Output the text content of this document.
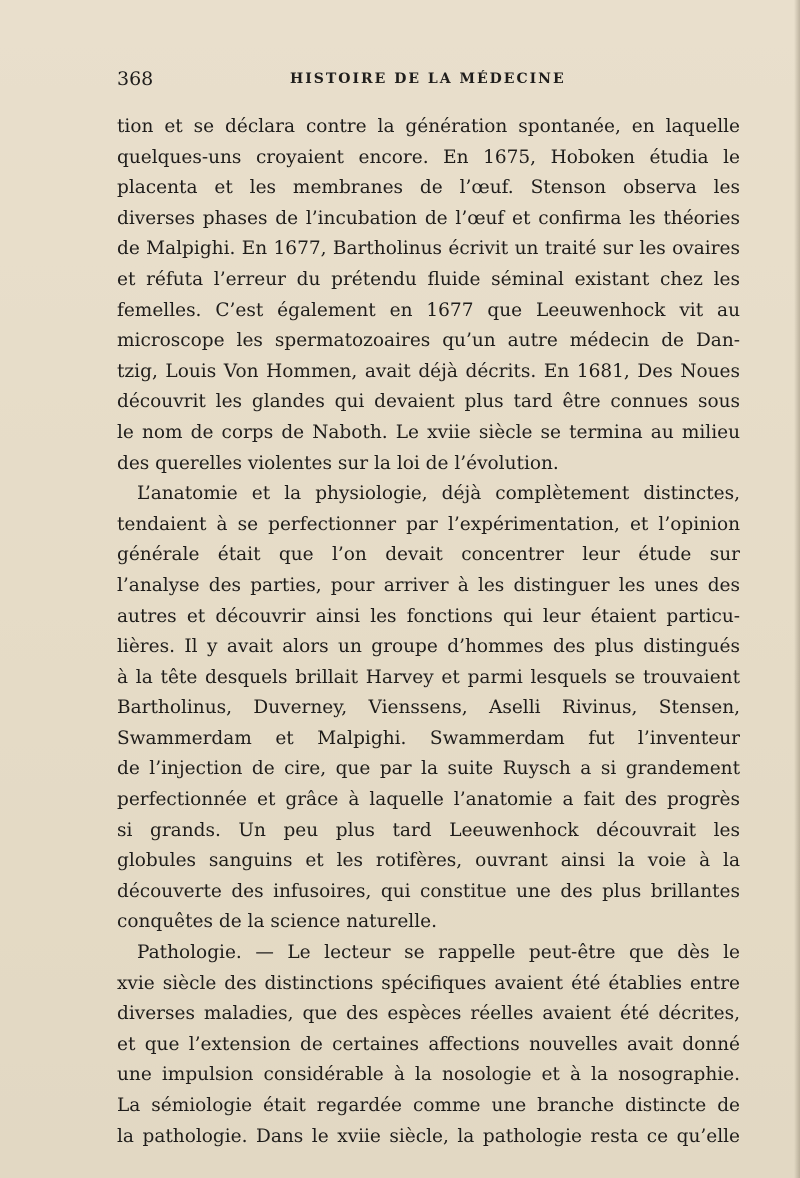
368	HISTOIRE DE LA MÉDECINE
tion et se déclara contre la génération spontanée, en laquelle
quelques-uns croyaient encore. En 1675, Hoboken étudia le
placenta et les membranes de l’œuf. Stenson observa les
diverses phases de l’incubation de l’œuf et confirma les théories
de Malpighi. En 1677, Bartholinus écrivit un traité sur les ovaires
et réfuta l’erreur du prétendu fluide séminal existant chez les
femelles. C’est également en 1677 que Leeuwenhock vit au
microscope les spermatozoaires qu’un autre médecin de Dan-
tzig, Louis Von Hommen, avait déjà décrits. En 1681, Des Noues
découvrit les glandes qui devaient plus tard être connues sous
le nom de corps de Naboth. Le xviie siècle se termina au milieu
des querelles violentes sur la loi de l’évolution.
L’anatomie et la physiologie, déjà complètement distinctes,
tendaient à se perfectionner par l’expérimentation, et l’opinion
générale était que l’on devait concentrer leur étude sur
l’analyse des parties, pour arriver à les distinguer les unes des
autres et découvrir ainsi les fonctions qui leur étaient particu-
lières. Il y avait alors un groupe d’hommes des plus distingués
à la tête desquels brillait Harvey et parmi lesquels se trouvaient
Bartholinus, Duverney, Vienssens, Aselli Rivinus, Stensen,
Swammerdam et Malpighi. Swammerdam fut l’inventeur
de l’injection de cire, que par la suite Ruysch a si grandement
perfectionnée et grâce à laquelle l’anatomie a fait des progrès
si grands. Un peu plus tard Leeuwenhock découvrait les
globules sanguins et les rotifères, ouvrant ainsi la voie à la
découverte des infusoires, qui constitue une des plus brillantes
conquêtes de la science naturelle.
Pathologie. — Le lecteur se rappelle peut-être que dès le
xvie siècle des distinctions spécifiques avaient été établies entre
diverses maladies, que des espèces réelles avaient été décrites,
et que l’extension de certaines affections nouvelles avait donné
une impulsion considérable à la nosologie et à la nosographie.
La sémiologie était regardée comme une branche distincte de
la pathologie. Dans le xviie siècle, la pathologie resta ce qu’elle
